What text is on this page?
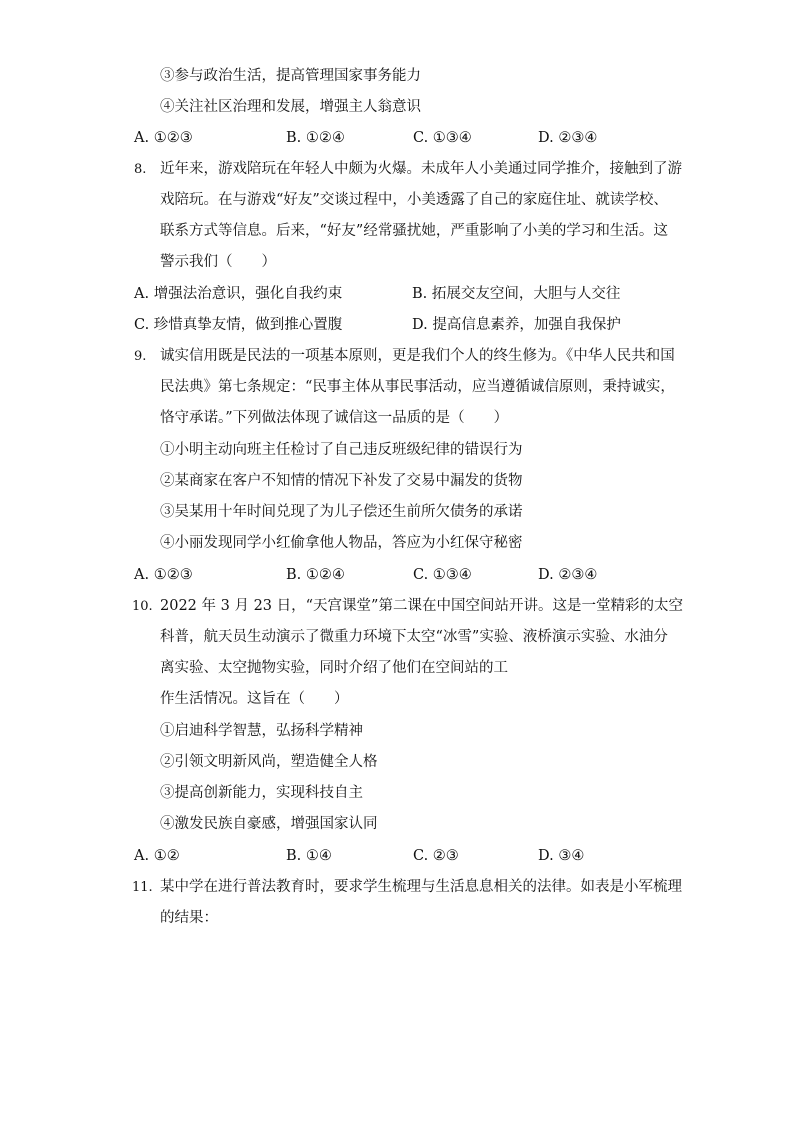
③参与政治生活，提高管理国家事务能力
④关注社区治理和发展，增强主人翁意识
A. ①②③	B. ①②④	C. ①③④	D. ②③④
8. 近年来，游戏陪玩在年轻人中颇为火爆。未成年人小美通过同学推介，接触到了游
戏陪玩。在与游戏“好友”交谈过程中，小美透露了自己的家庭住址、就读学校、
联系方式等信息。后来，“好友”经常骚扰她，严重影响了小美的学习和生活。这
警示我们（　　）
A. 增强法治意识，强化自我约束	B. 拓展交友空间，大胆与人交往
C. 珍惜真挚友情，做到推心置腹	D. 提高信息素养，加强自我保护
9. 诚实信用既是民法的一项基本原则，更是我们个人的终生修为。《中华人民共和国
民法典》第七条规定：“民事主体从事民事活动，应当遵循诚信原则，秉持诚实，
恪守承诺。”下列做法体现了诚信这一品质的是（　　）
①小明主动向班主任检讨了自己违反班级纪律的错误行为
②某商家在客户不知情的情况下补发了交易中漏发的货物
③吴某用十年时间兑现了为儿子偿还生前所欠债务的承诺
④小丽发现同学小红偷拿他人物品，答应为小红保守秘密
A. ①②③	B. ①②④	C. ①③④	D. ②③④
10. 2022 年 3 月 23 日，“天宫课堂”第二课在中国空间站开讲。这是一堂精彩的太空
科普，航天员生动演示了微重力环境下太空“冰雪”实验、液桥演示实验、水油分
离实验、太空抛物实验，同时介绍了他们在空间站的工
作生活情况。这旨在（　　）
①启迪科学智慧，弘扬科学精神
②引领文明新风尚，塑造健全人格
③提高创新能力，实现科技自主
④激发民族自豪感，增强国家认同
A. ①②	B. ①④	C. ②③	D. ③④
11. 某中学在进行普法教育时，要求学生梳理与生活息息相关的法律。如表是小军梳理
的结果：
